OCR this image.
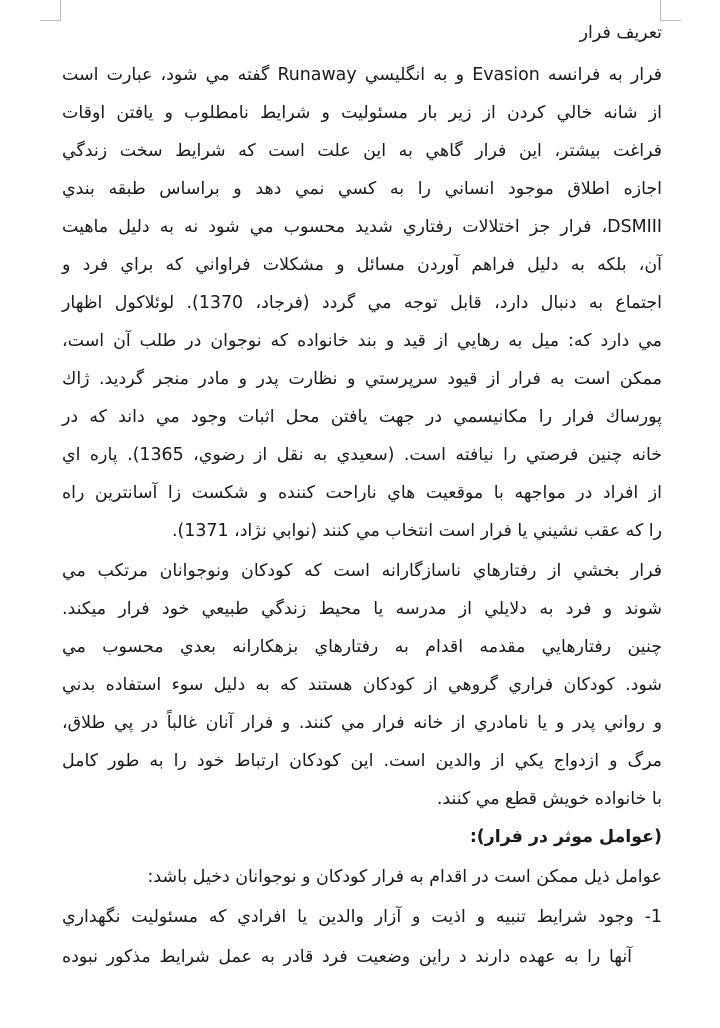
تعريف فرار
فرار به فرانسه Evasion و به انگليسي Runaway گفته مي شود، عبارت است
از شانه خالي كردن از زير بار مسئوليت و شرايط نامطلوب و يافتن اوقات
فراغت بيشتر، اين فرار گاهي به اين علت است كه شرايط سخت زندگي
اجازه اطلاق موجود انساني را به كسي نمي دهد و براساس طبقه بندي
DSMIII، فرار جز اختلالات رفتاري شديد محسوب مي شود نه به دليل ماهيت
آن، بلكه به دليل فراهم آوردن مسائل و مشكلات فراواني كه براي فرد و
اجتماع به دنبال دارد، قابل توجه مي گردد (فرجاد، 1370). لوئلاكول اظهار
مي دارد كه: ميل به رهايي از قيد و بند خانواده كه نوجوان در طلب آن است،
ممكن است به فرار از قيود سرپرستي و نظارت پدر و مادر منجر گرديد. ژاك
پورساك فرار را مكانيسمي در جهت يافتن محل اثبات وجود مي داند كه در
خانه چنين فرصتي را نيافته است. (سعيدي به نقل از رضوي، 1365). پاره اي
از افراد در مواجهه با موقعيت هاي ناراحت كننده و شكست زا آسانترين راه
را كه عقب نشيني يا فرار است انتخاب مي كنند (نوابي نژاد، 1371).
فرار بخشي از رفتارهاي ناسازگارانه است كه كودكان ونوجوانان مرتكب مي
شوند و فرد به دلايلي از مدرسه يا محيط زندگي طبيعي خود فرار ميکند.
چنين رفتارهايي مقدمه اقدام به رفتارهاي بزهكارانه بعدي محسوب مي
شود. كودكان فراري گروهي از كودكان هستند كه به دليل سوء استفاده بدني
و رواني پدر و يا نامادري از خانه فرار مي كنند. و فرار آنان غالباً در پي طلاق،
مرگ و ازدواج يكي از والدين است. اين كودكان ارتباط خود را به طور كامل
با خانواده خويش قطع مي كنند.
(عوامل موثر در فرار):
عوامل ذيل ممكن است در اقدام به فرار كودكان و نوجوانان دخيل باشد:
1- وجود شرايط تنبيه و اذيت و آزار والدين يا افرادي كه مسئوليت نگهداري
آنها را به عهده دارند د راين وضعيت فرد قادر به عمل شرايط مذكور نبوده
